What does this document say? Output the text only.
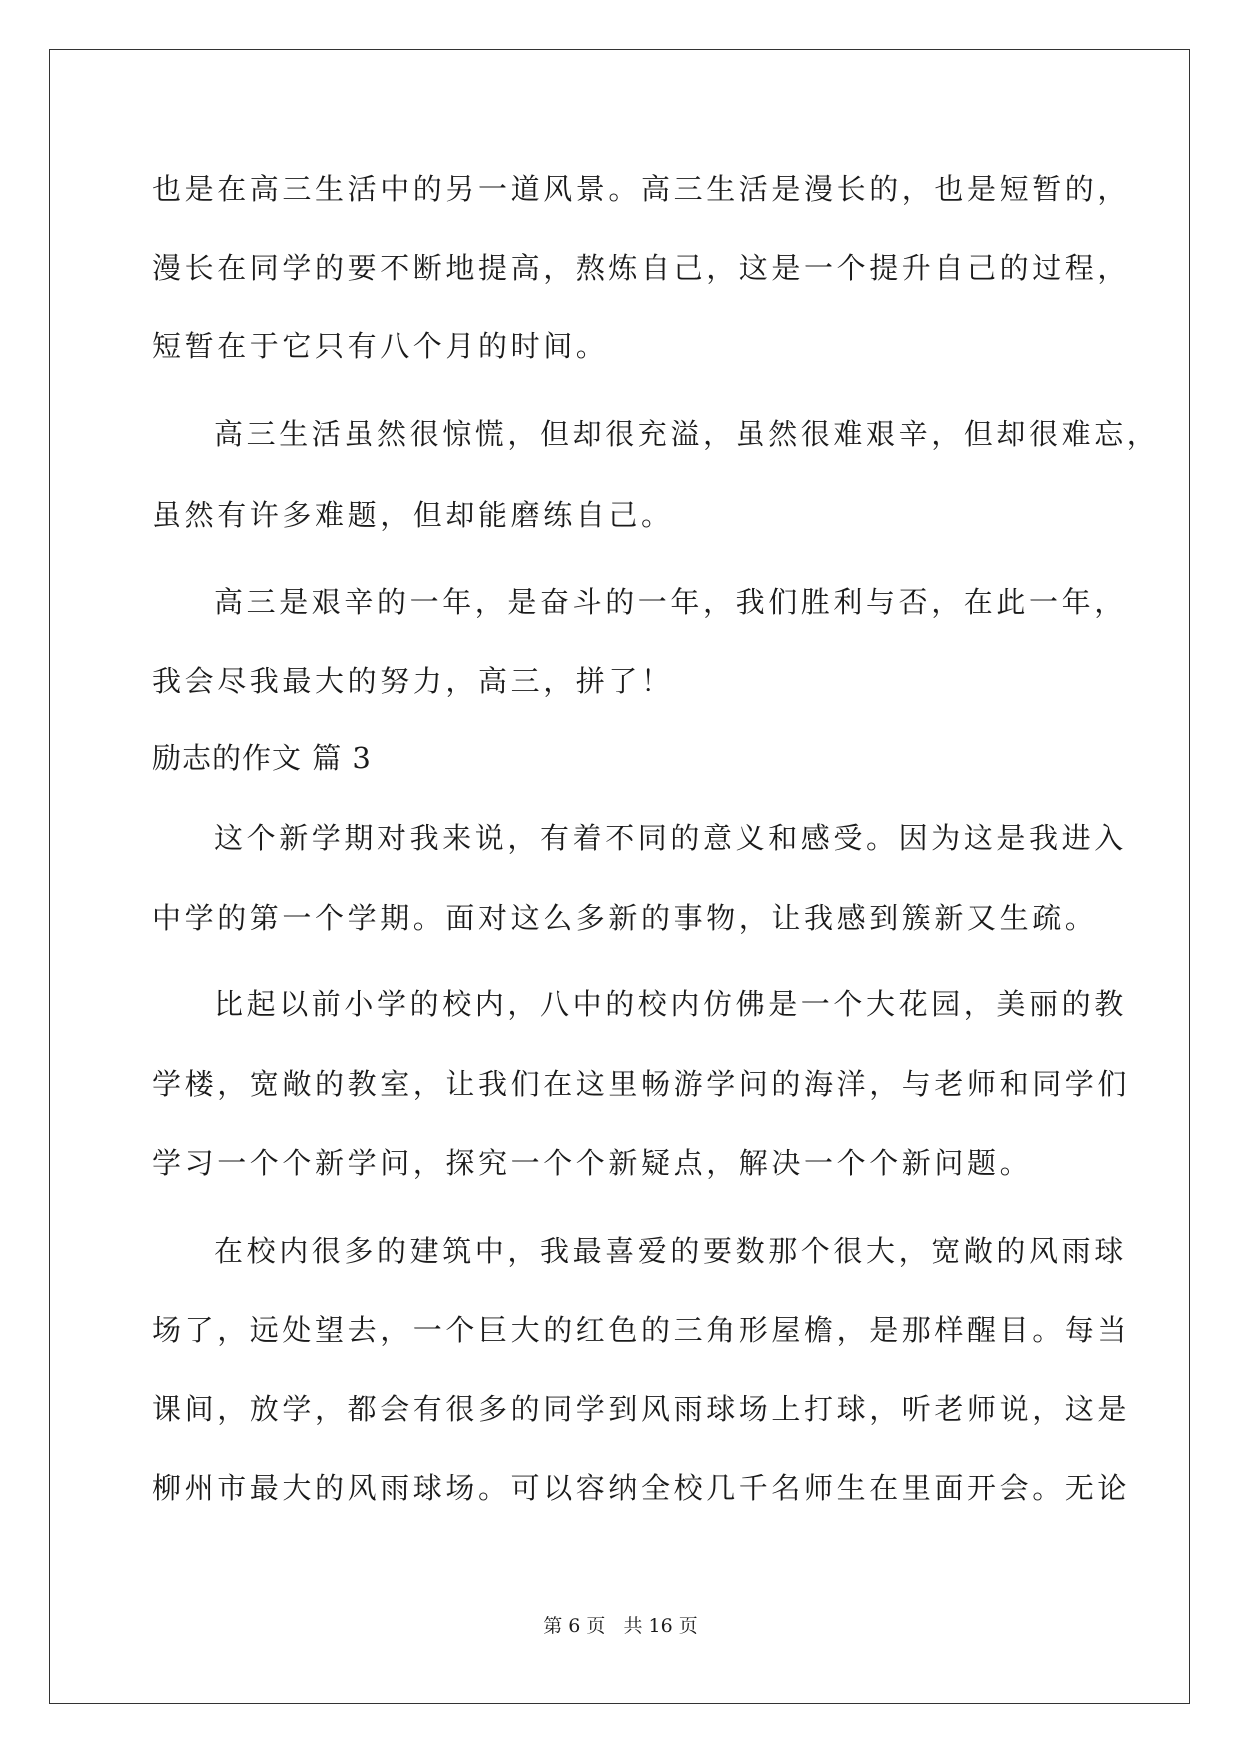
也是在高三生活中的另一道风景。高三生活是漫长的，也是短暂的，
漫长在同学的要不断地提高，熬炼自己，这是一个提升自己的过程，
短暂在于它只有八个月的时间。
高三生活虽然很惊慌，但却很充溢，虽然很难艰辛，但却很难忘，
虽然有许多难题，但却能磨练自己。
高三是艰辛的一年，是奋斗的一年，我们胜利与否，在此一年，
我会尽我最大的努力，高三，拼了！
励志的作文 篇 3
这个新学期对我来说，有着不同的意义和感受。因为这是我进入
中学的第一个学期。面对这么多新的事物，让我感到簇新又生疏。
比起以前小学的校内，八中的校内仿佛是一个大花园，美丽的教
学楼，宽敞的教室，让我们在这里畅游学问的海洋，与老师和同学们
学习一个个新学问，探究一个个新疑点，解决一个个新问题。
在校内很多的建筑中，我最喜爱的要数那个很大，宽敞的风雨球
场了，远处望去，一个巨大的红色的三角形屋檐，是那样醒目。每当
课间，放学，都会有很多的同学到风雨球场上打球，听老师说，这是
柳州市最大的风雨球场。可以容纳全校几千名师生在里面开会。无论
第 6 页   共 16 页
